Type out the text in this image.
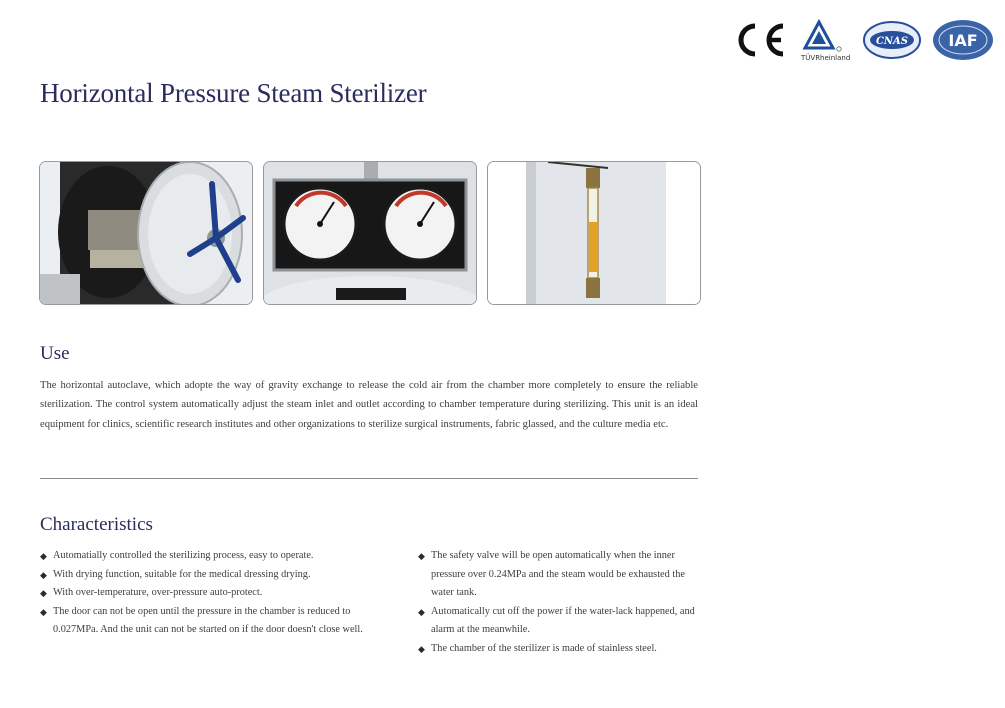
TÜVRheinland
CNAS	IAF
Horizontal Pressure Steam Sterilizer
Use

The horizontal autoclave, which adopte the way of gravity exchange to release the cold air from the chamber more completely to ensure the reliable sterilization. The control system automatically adjust the steam inlet and outlet according to chamber temperature during sterilizing. This unit is an ideal equipment for clinics, scientific research institutes and other organizations to sterilize surgical instruments, fabric glassed, and the culture media etc.

Characteristics
◆ Automatially controlled the sterilizing process, easy to operate.
◆ With drying function, suitable for the medical dressing drying.
◆ With over-temperature, over-pressure auto-protect.
◆ The door can not be open until the pressure in the chamber is reduced to 0.027MPa. And the unit can not be started on if the door doesn't close well.
◆ The safety valve will be open automatically when the inner pressure over 0.24MPa and the steam would be exhausted the water tank.
◆ Automatically cut off the power if the water-lack happened, and alarm at the meanwhile.
◆ The chamber of the sterilizer is made of stainless steel.
